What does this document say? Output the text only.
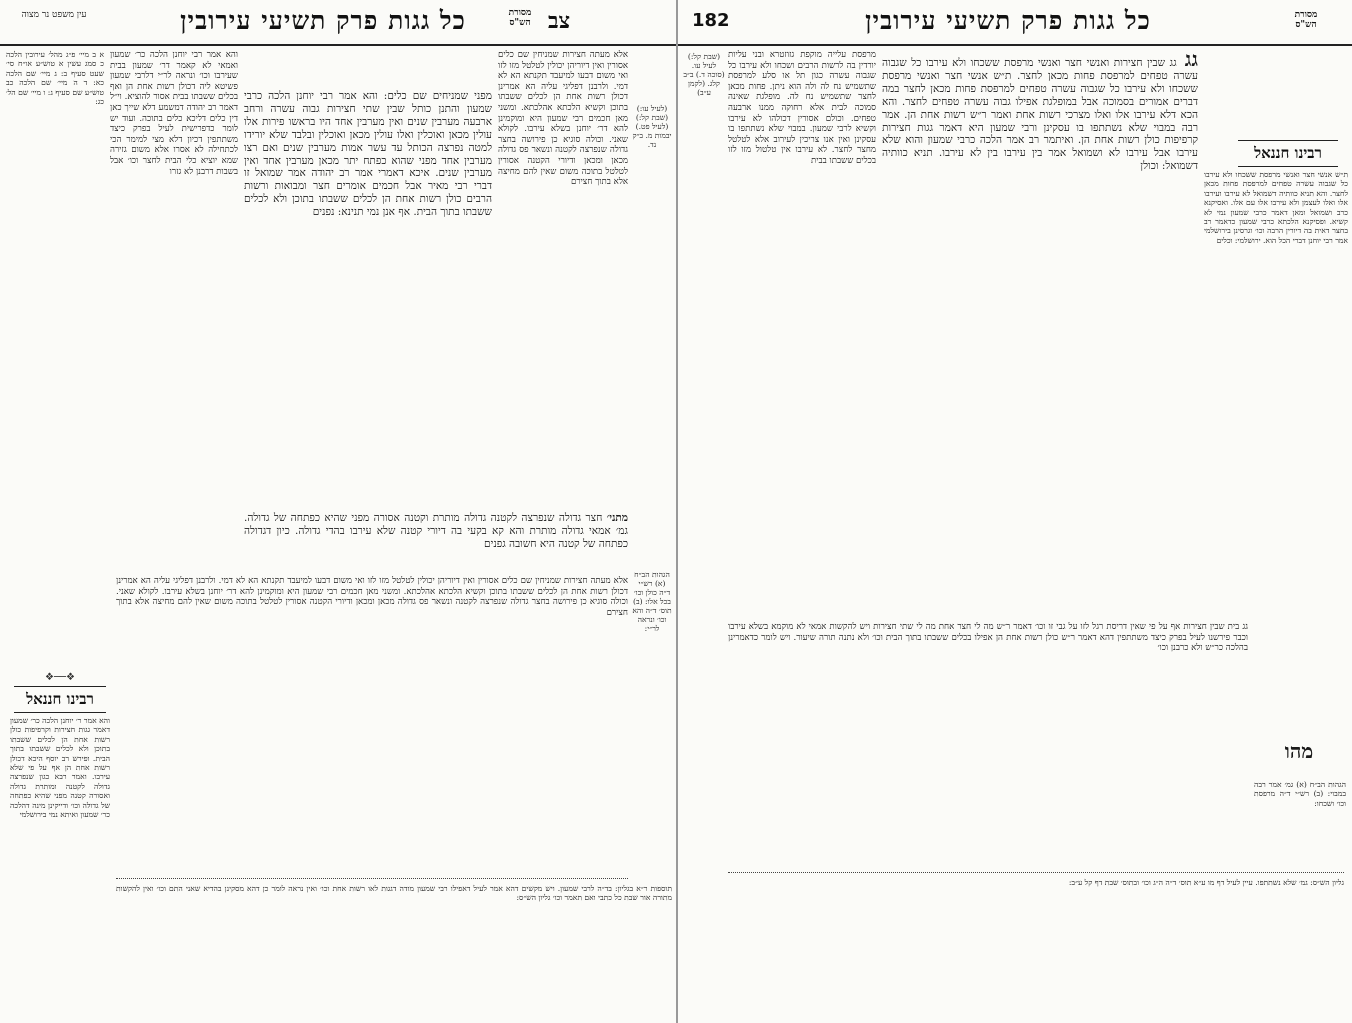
עין משפט נר מצוה	כל גגות פרק תשיעי עירובין	צב
מסורת הש"ס
א ב מיי׳ פ״ג מהל׳ עירובין הלכה כ סמג עשין א טוש״ע או״ח סי׳ שעט סעיף ב: ג מיי׳ שם הלכה כא: ד ה מיי׳ שם הלכה כב טוש״ע שם סעיף ג: ו מיי׳ שם הל׳ כג:
והא אמר רבי יוחנן הלכה כר׳ שמעון ואמאי לא קאמר דר׳ שמעון בבית שעירבו וכו׳ ונראה לר״י דלרבי שמעון פשיטא ליה דכולן רשות אחת הן ואף בכלים ששבתו בבית אסור להוציא. וי״ל דאמר רב יהודה דמשמע דלא שייך כאן דין כלים דליכא כלים בתוכה. ועוד יש לומר כדפרישית לעיל בפרק כיצד משתתפין דכיון דלא מצי למימר הכי לכתחילה לא אסרו אלא משום גזירה שמא יוציא כלי הבית לחצר וכו׳ אבל בשבות דרבנן לא גזרו
מפני שמניחים שם כלים: והא אמר רבי יוחנן הלכה כרבי שמעון והתנן כותל שבין שתי חצירות גבוה עשרה ורחב ארבעה מערבין שנים ואין מערבין אחד היו בראשו פירות אלו עולין מכאן ואוכלין ואלו עולין מכאן ואוכלין ובלבד שלא יורידו למטה נפרצה הכותל עד עשר אמות מערבין שנים ואם רצו מערבין אחד מפני שהוא כפתח יתר מכאן מערבין אחד ואין מערבין שנים. איכא דאמרי אמר רב יהודה אמר שמואל זו דברי רבי מאיר אבל חכמים אומרים חצר ומבואות ורשות הרבים כולן רשות אחת הן לכלים ששבתו בתוכן ולא לכלים ששבתו בתוך הבית. אף אנן נמי תנינא: נפנים
אלא מעתה חצירות שמניחין שם כלים אסורין ואין דיוריהן יכולין לטלטל מזו לזו ואי משום דבעו למיעבד תקנתא הא לא דמי. ולרבנן דפליגי עליה הא אמרינן דכולן רשות אחת הן לכלים ששבתו בתוכן וקשיא הלכתא אהלכתא. ומשני מאן חכמים רבי שמעון היא ומוקמינן להא דר׳ יוחנן בשלא עירבו. לקולא שאני. וכולה סוגיא כן פירושה בחצר גדולה שנפרצה לקטנה ונשאר פס גדולה מכאן ומכאן ודיורי הקטנה אסורין לטלטל בתוכה משום שאין להם מחיצה אלא בתוך חצירם
(לעיל עו:) (שבת קל:) (לעיל פט.) יבמות מ. ב״ק נד.
מתני׳ חצר גדולה שנפרצה לקטנה גדולה מותרת וקטנה אסורה מפני שהיא כפתחה של גדולה. גמ׳ אמאי גדולה מותרת והא קא בקעי בה דיורי קטנה שלא עירבו בהדי גדולה. כיון דגדולה כפתחה של קטנה היא חשובה גפנים
הגהות הב״ח (א) רש״י ד״ה כולן וכו׳ בכל אלו: (ב) תוס׳ ד״ה והא וכו׳ ונראה לר״י:
❖──❖
רבינו חננאל
והא אמר ר׳ יוחנן הלכה כר׳ שמעון דאמר גגות חצירות וקרפיפות כולן רשות אחת הן לכלים ששבתו בתוכן ולא לכלים ששבתו בתוך הבית. ופירש רב יוסף היכא דכולן רשות אחת הן אף על פי שלא עירבו. ואמר רבא כגון שנפרצה גדולה לקטנה ומותרת גדולה ואסורה קטנה מפני שהיא כפתחה של גדולה וכו׳ ודייקינן מינה דהלכה כר׳ שמעון ואיתא נמי בירושלמי
אלא מעתה חצירות שמניחין שם כלים אסורין ואין דיוריהן יכולין לטלטל מזו לזו ואי משום דבעו למיעבד תקנתא הא לא דמי. ולרבנן דפליגי עליה הא אמרינן דכולן רשות אחת הן לכלים ששבתו בתוכן וקשיא הלכתא אהלכתא. ומשני מאן חכמים רבי שמעון היא ומוקמינן להא דר׳ יוחנן בשלא עירבו. לקולא שאני. וכולה סוגיא כן פירושה בחצר גדולה שנפרצה לקטנה ונשאר פס גדולה מכאן ומכאן ודיורי הקטנה אסורין לטלטל בתוכה משום שאין להם מחיצה אלא בתוך חצירם
תוספות ר״א בגליון: בד״ה לרבי שמעון. ויש מקשים דהא אמר לעיל דאפילו רבי שמעון מודה דגגות לאו רשות אחת וכו׳ ואין נראה לומר כן דהא מסקינן בהדיא שאני התם וכו׳ ואין להקשות מתורה אור שבת כל כתבי ואם תאמר וכו׳ גליון הש״ס:
182	כל גגות פרק תשיעי עירובין	מסורת הש"ס
(שבת קל:) לעיל עו. (סוכה ד.) ב״ב קלג. (לקמן ע״ב)
מרפסת עלייה מוקפת גזוזטרא ובני עליות יורדין בה לרשות הרבים ושכחו ולא עירבו כל שגבוה עשרה כגון תל או סלע למרפסת שתשמיש נח לה ולה הוא ניתן. פחות מכאן לחצר שתשמיש נח לה. מופלגת שאינה סמוכה לבית אלא רחוקה ממנו ארבעה טפחים. וכולם אסורין דכולהו לא עירבו וקשיא לרבי שמעון. במבוי שלא נשתתפו בו עסקינן ואין אנו צריכין לעירוב אלא לטלטל מחצר לחצר. לא עירבו אין טלטול מזו לזו בכלים ששבתו בבית
גג גג שבין חצירות ואנשי חצר ואנשי מרפסת ששכחו ולא עירבו כל שגבוה עשרה טפחים למרפסת פחות מכאן לחצר. ת״ש אנשי חצר ואנשי מרפסת ששכחו ולא עירבו כל שגבוה עשרה טפחים למרפסת פחות מכאן לחצר במה דברים אמורים בסמוכה אבל במופלגת אפילו גבוה עשרה טפחים לחצר. והא הכא דלא עירבו אלו ואלו מצרכי רשות אחת ואמר ר״ש רשות אחת הן. אמר רבה במבוי שלא נשתתפו בו עסקינן ורבי שמעון היא דאמר גגות חצירות קרפיפות כולן רשות אחת הן. ואיתמר רב אמר הלכה כרבי שמעון והוא שלא עירבו אבל עירבו לא ושמואל אמר בין עירבו בין לא עירבו. תניא כוותיה דשמואל: וכולן
רבינו חננאל
ת״ש אנשי חצר ואנשי מרפסת ששכחו ולא עירבו כל שגבוה עשרה טפחים למרפסת פחות מכאן לחצר. והא תניא כוותיה דשמואל לא עירבו ועירבו אלו ואלו לעצמן ולא עירבו אלו עם אלו. ואסיקנא כרב ושמואל ומאן דאמר כרבי שמעון נמי לא קשיא. ופסיקנא הלכתא כרבי שמעון כדאמר רב בחצר דאית בה דיורין הרבה וכו׳ וגרסינן בירושלמי אמר רבי יוחנן דברי הכל הוא. ירושלמי: וכלים
גג בית שבין חצירות אף על פי שאין דריסת רגל לזו על גבי זו וכו׳ דאמר ר״ש מה לי חצר אחת מה לי שתי חצירות ויש להקשות אמאי לא מוקמא בשלא עירבו וכבר פירשנו לעיל בפרק כיצד משתתפין דהא דאמר ר״ש כולן רשות אחת הן אפילו בכלים ששבתו בתוך הבית וכו׳ ולא נתנה תורה שיעור. ויש לומר כדאמרינן בהלכה כר״ש ולא כרבנן וכו׳
מהו
הגהות הב״ח (א) גמ׳ אמר רבה במבוי: (ב) רש״י ד״ה מרפסת וכו׳ ושכחו:
גליון הש״ס: גמ׳ שלא נשתתפו. עיין לעיל דף מו ע״א תוס׳ ד״ה ה״ג וכו׳ ובתוס׳ שבת דף קל ע״ב:
